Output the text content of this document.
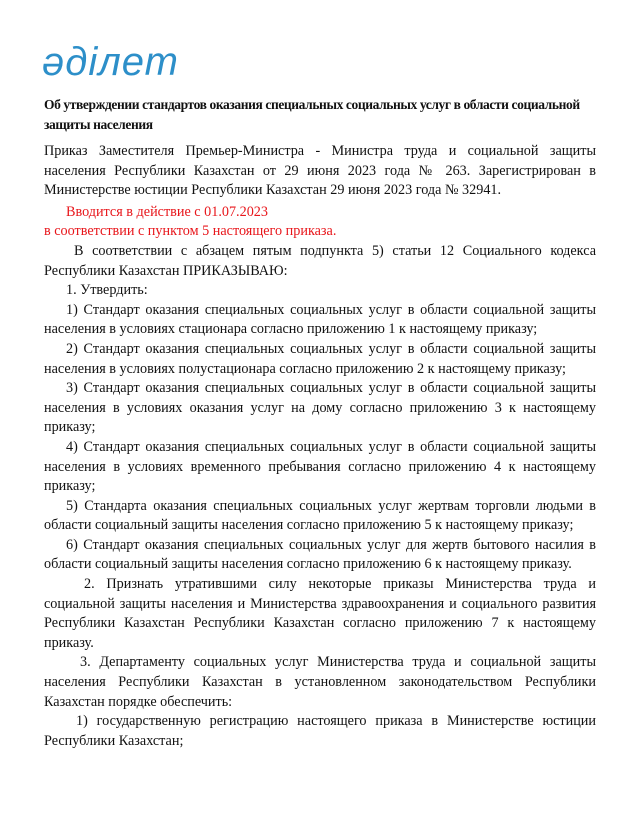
әділет
Об утверждении стандартов оказания специальных социальных услуг в области социальной защиты населения

Приказ Заместителя Премьер-Министра - Министра труда и социальной защиты населения Республики Казахстан от 29 июня 2023 года № 263. Зарегистрирован в Министерстве юстиции Республики Казахстан 29 июня 2023 года № 32941.

Вводится в действие с 01.07.2023

в соответствии с пунктом 5 настоящего приказа.

В соответствии с абзацем пятым подпункта 5) статьи 12 Социального кодекса Республики Казахстан ПРИКАЗЫВАЮ:

1. Утвердить:

1) Стандарт оказания специальных социальных услуг в области социальной защиты населения в условиях стационара согласно приложению 1 к настоящему приказу;

2) Стандарт оказания специальных социальных услуг в области социальной защиты населения в условиях полустационара согласно приложению 2 к настоящему приказу;

3) Стандарт оказания специальных социальных услуг в области социальной защиты населения в условиях оказания услуг на дому согласно приложению 3 к настоящему приказу;

4) Стандарт оказания специальных социальных услуг в области социальной защиты населения в условиях временного пребывания согласно приложению 4 к настоящему приказу;

5) Стандарта оказания специальных социальных услуг жертвам торговли людьми в области социальный защиты населения согласно приложению 5 к настоящему приказу;

6) Стандарт оказания специальных социальных услуг для жертв бытового насилия в области социальный защиты населения согласно приложению 6 к настоящему приказу.

2. Признать утратившими силу некоторые приказы Министерства труда и социальной защиты населения и Министерства здравоохранения и социального развития Республики Казахстан Республики Казахстан согласно приложению 7 к настоящему приказу.

3. Департаменту социальных услуг Министерства труда и социальной защиты населения Республики Казахстан в установленном законодательством Республики Казахстан порядке обеспечить:

1) государственную регистрацию настоящего приказа в Министерстве юстиции Республики Казахстан;
